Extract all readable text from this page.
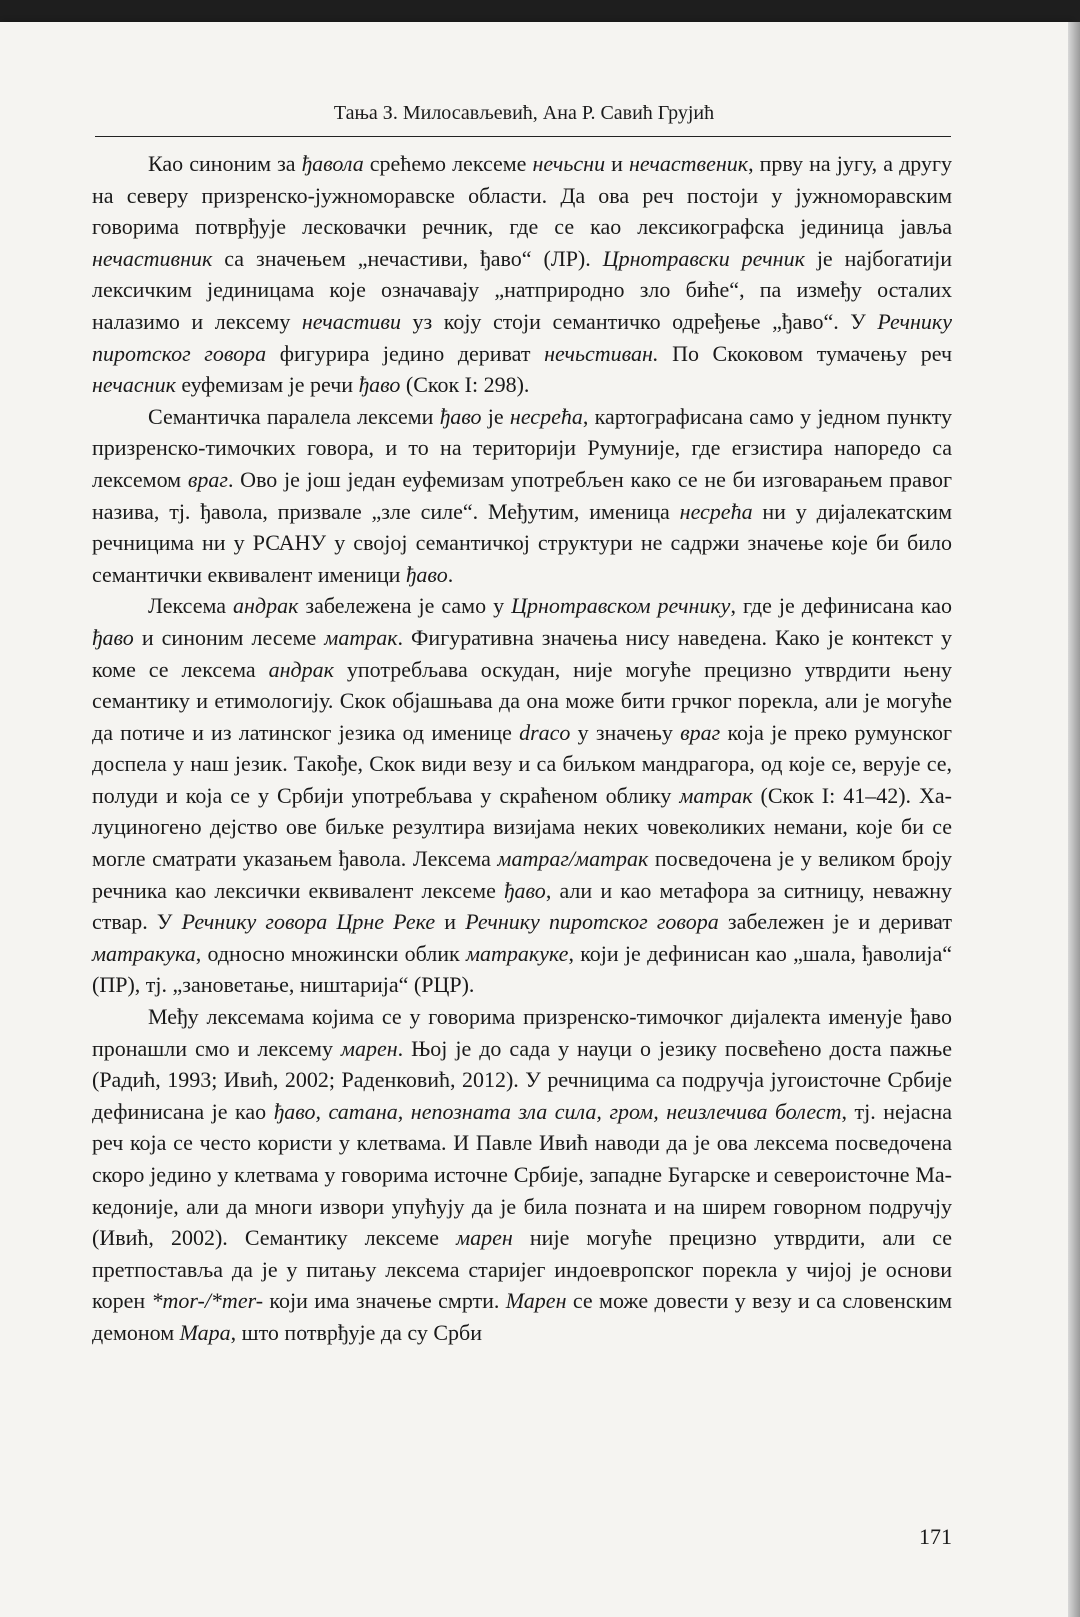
Тања З. Милосављевић, Ана Р. Савић Грујић

Као синоним за ђавола срећемо лексеме нечьсни и нечаственик, прву на југу, а другу на северу призренско-јужноморавске области. Да ова реч постоји у јужноморавским говорима потврђује лесковачки речник, где се као лексикографска јединица јавља нечастивник са значењем „нечастиви, ђаво“ (ЛР). Црнотравски речник је најбогатији лексичким јединицама које означавају „натприродно зло биће“, па између осталих налазимо и лексему нечастиви уз коју стоји семантичко одређење „ђаво“. У Речнику пиротског говора фигурира једино дериват нечьстиван. По Скоковом тумачењу реч нечасник еуфемизам је речи ђаво (Скок I: 298).

Семантичка паралела лексеми ђаво је несрећа, картографисана само у једном пункту призренско-тимочких говора, и то на територији Румуније, где егзистира напоредо са лексемом враг. Ово је још један еуфемизам употребљен како се не би изговарањем правог назива, тј. ђавола, призвале „зле силе“. Међутим, именица несрећа ни у дијалекатским речницима ни у РСАНУ у својој семантичкој структури не садржи значење које би било семантички еквивалент именици ђаво.

Лексема андрак забележена је само у Црнотравском речнику, где је дефинисана као ђаво и синоним лесеме матрак. Фигуративна значења нису наведена. Како је контекст у коме се лексема андрак употребљава оскудан, није могуће прецизно утврдити њену семантику и етимологију. Скок објашњава да она може бити грчког порекла, али је могуће да потиче и из латинског језика од именице draco у значењу враг која је преко румунског доспела у наш језик. Такође, Скок види везу и са биљком мандрагора, од које се, верује се, полуди и која се у Србији употребљава у скраћеном облику матрак (Скок I: 41–42). Халуциногено дејство ове биљке резултира визијама неких човеколиких немани, које би се могле сматрати указањем ђавола. Лексема матраг/матрак посведочена је у великом броју речника као лексички еквивалент лексеме ђаво, али и као метафора за ситницу, неважну ствар. У Речнику говора Црне Реке и Речнику пиротског говора забележен је и дериват матракука, односно множински облик матракуке, који је дефинисан као „шала, ђаволија“ (ПР), тј. „зановетање, ништарија“ (РЦР).

Међу лексемама којима се у говорима призренско-тимочког дијалекта именује ђаво пронашли смо и лексему марен. Њој је до сада у науци о језику посвећено доста пажње (Радић, 1993; Ивић, 2002; Раденковић, 2012). У речницима са подручја југоисточне Србије дефинисана је као ђаво, сатана, непозната зла сила, гром, неизлечива болест, тј. нејасна реч која се често користи у клетвама. И Павле Ивић наводи да је ова лексема посведочена скоро једино у клетвама у говорима источне Србије, западне Бугарске и североисточне Македоније, али да многи извори упућују да је била позната и на ширем говорном подручју (Ивић, 2002). Семантику лексеме марен није могуће прецизно утврдити, али се претпоставља да је у питању лексема старијег индоевропског порекла у чијој је основи корен *mor-/*mer- који има значење смрти. Марен се може довести у везу и са словенским демоном Мара, што потврђује да су Срби

171
